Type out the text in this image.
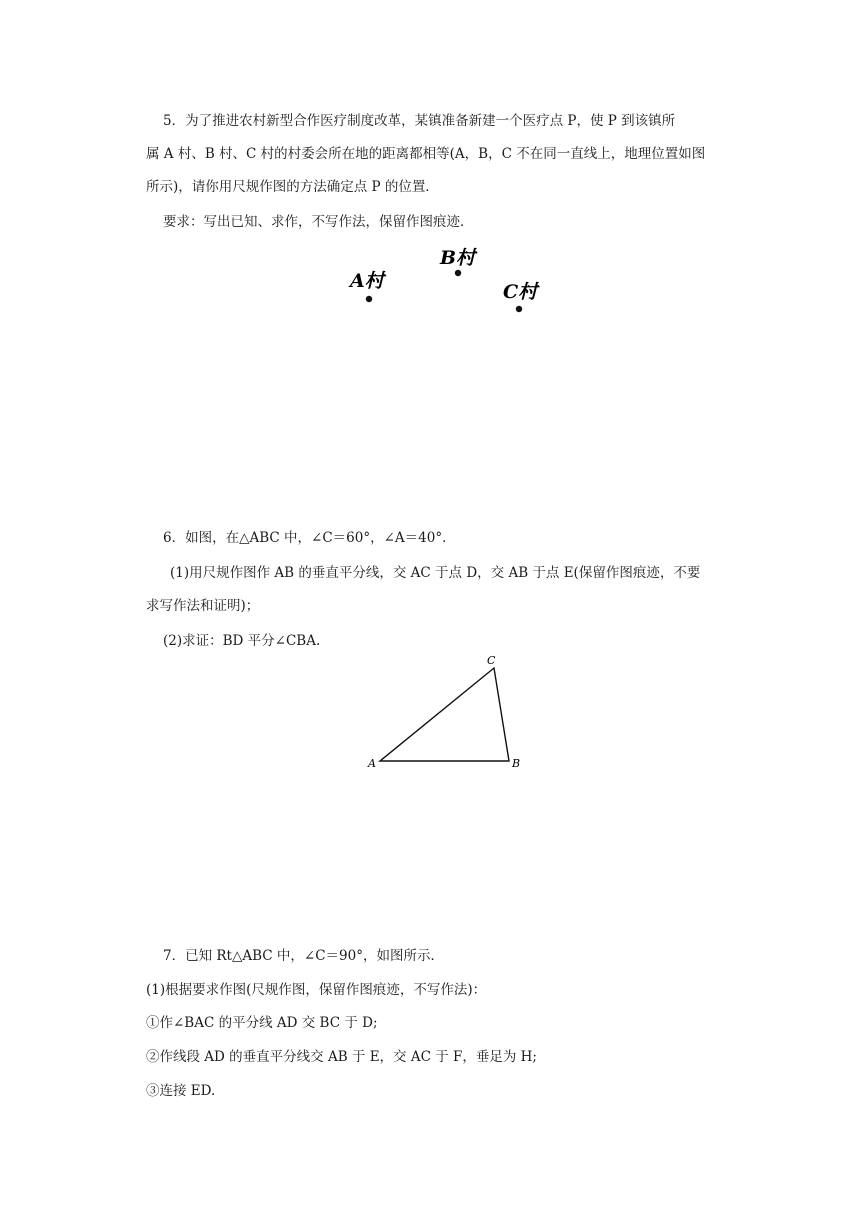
5．为了推进农村新型合作医疗制度改革，某镇准备新建一个医疗点 P，使 P 到该镇所
属 A 村、B 村、C 村的村委会所在地的距离都相等(A，B，C 不在同一直线上，地理位置如图
所示)，请你用尺规作图的方法确定点 P 的位置．
要求：写出已知、求作，不写作法，保留作图痕迹．
A村
B村
C村
6．如图，在△ABC 中，∠C＝60°，∠A＝40°．
(1)用尺规作图作 AB 的垂直平分线，交 AC 于点 D，交 AB 于点 E(保留作图痕迹，不要
求写作法和证明)；
(2)求证：BD 平分∠CBA.
A	B
C
7．已知 Rt△ABC 中，∠C＝90°，如图所示．
(1)根据要求作图(尺规作图，保留作图痕迹，不写作法)：
①作∠BAC 的平分线 AD 交 BC 于 D;
②作线段 AD 的垂直平分线交 AB 于 E，交 AC 于 F，垂足为 H;
③连接 ED.
